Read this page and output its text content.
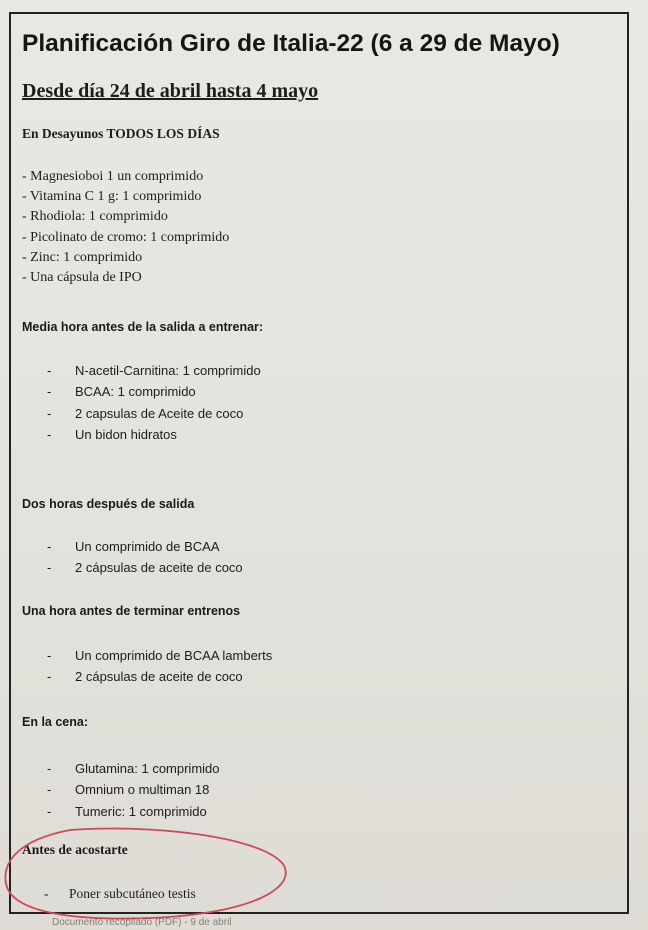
Planificación Giro de Italia-22 (6 a 29 de Mayo)
Desde día 24 de abril hasta 4 mayo
En Desayunos TODOS LOS DÍAS
- Magnesioboi 1 un comprimido
- Vitamina C 1 g: 1 comprimido
- Rhodiola: 1 comprimido
- Picolinato de cromo: 1 comprimido
- Zinc: 1 comprimido
- Una cápsula de IPO
Media hora antes de la salida a entrenar:
- N-acetil-Carnitina: 1 comprimido
- BCAA: 1 comprimido
- 2 capsulas de Aceite de coco
- Un bidon hidratos
Dos horas después de salida
- Un comprimido de BCAA
- 2 cápsulas de aceite de coco
Una hora antes de terminar entrenos
- Un comprimido de BCAA lamberts
- 2 cápsulas de aceite de coco
En la cena:
- Glutamina: 1 comprimido
- Omnium o multiman 18
- Tumeric: 1 comprimido
Antes de acostarte
- Poner subcutáneo testis

Documento recopilado (PDF) - 9 de abril
